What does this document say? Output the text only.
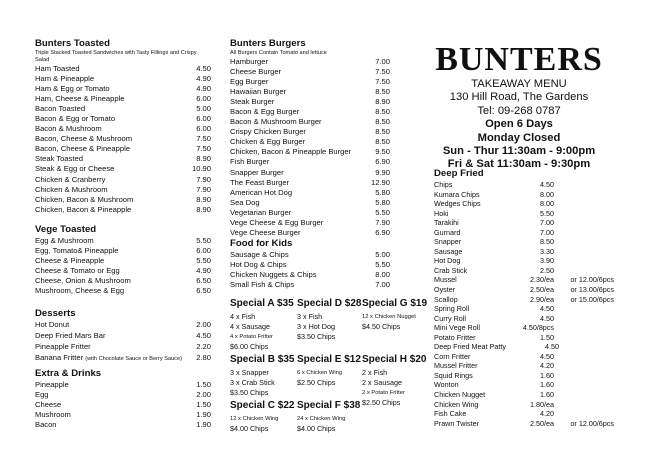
Bunters Toasted
Triple Stacked Toasted Sandwiches with Tasty Fillings and Crispy Salad
Ham Toasted	4.50
Ham & Pineapple	4.90
Ham & Egg or Tomato	4.90
Ham, Cheese & Pineapple	6.00
Bacon Toasted	5.00
Bacon & Egg or Tomato	6.00
Bacon & Mushroom	6.00
Bacon, Cheese & Mushroom	7.50
Bacon, Cheese & Pineapple	7.50
Steak Toasted	8.90
Steak & Egg or Cheese	10.90
Chicken & Cranberry	7.90
Chicken & Mushroom	7.90
Chicken, Bacon & Mushroom	8.90
Chicken, Bacon & Pineapple	8.90
Vege Toasted
Egg & Mushroom	5.50
Egg, Tomato& Pineapple	6.00
Cheese & Pineapple	5.50
Cheese & Tomato or Egg	4.90
Cheese, Onion & Mushroom	6.50
Mushroom, Cheese & Egg	6.50
Desserts
Hot Donut	2.00
Deep Fried Mars Bar	4.50
Pineapple Fritter	2.20
Banana Fritter (with Chocolate Sauce or Berry Sauce) 2.80
Extra & Drinks
Pineapple	1.50
Egg	2.00
Cheese	1.50
Mushroom	1.90
Bacon	1.90
Bunters Burgers
All Burgers Contain Tomato and lettuce
Hamburger	7.00
Cheese Burger	7.50
Egg Burger	7.50
Hawaiian Burger	8.50
Steak Burger	8.90
Bacon & Egg Burger	8.50
Bacon & Mushroom Burger	8.50
Crispy Chicken Burger	8.50
Chicken & Egg Burger	8.50
Chicken, Bacon & Pineapple Burger	9.50
Fish Burger	6.90
Snapper Burger	9.90
The Feast Burger	12.90
American Hot Dog	5.80
Sea Dog	5.80
Vegetarian Burger	5.50
Vege Cheese & Egg Burger	7.90
Vege Cheese Burger	6.90
Food for Kids
Sausage & Chips	5.00
Hot Dog & Chips	5.50
Chicken Nuggets & Chips	8.00
Small Fish & Chips	7.00
Special A $35
4 x Fish
4 x Sausage
4 x Potato Fritter
$6.00 Chips
Special B $35
3 x Snapper
3 x Crab Stick
$3.50 Chips
Special C $22
12 x Chicken Wing
$4.00 Chips
Special D $28
3 x Fish
3 x Hot Dog
$3.50 Chips
Special E $12
6 x Chicken Wing
$2.50 Chips
Special F $38
24 x Chicken Wing
$4.00 Chips
Special G $19
12 x Chicken Nugget
$4.50 Chips
Special H $20
2 x Fish
2 x Sausage
2 x Potato Fritter
$2.50 Chips
BUNTERS
TAKEAWAY MENU
130 Hill Road, The Gardens
Tel: 09-268 0787
Open 6 Days
Monday Closed
Sun - Thur 11:30am - 9:00pm
Fri & Sat 11:30am - 9:30pm
Deep Fried
Chips	4.50
Kumara Chips	8.00
Wedges Chips	8.00
Hoki	5.50
Tarakihi	7.00
Gurnard	7.00
Snapper	8.50
Sausage	3.30
Hot Dog	3.90
Crab Stick	2.50
Mussel	2.30/ea	or 12.00/6pcs
Oyster	2.50/ea	or 13.00/6pcs
Scallop	2.90/ea	or 15.00/6pcs
Spring Roll	4.50
Curry Roll	4.50
Mini Vege Roll	4.50/8pcs
Potato Fritter	1.50
Deep Fried Meat Patty	4.50
Corn Fritter	4.50
Mussel Fritter	4.20
Squid Rings	1.60
Wonton	1.60
Chicken Nugget	1.60
Chicken Wing	1.80/ea
Fish Cake	4.20
Prawn Twister	2.50/ea	or 12.00/6pcs
